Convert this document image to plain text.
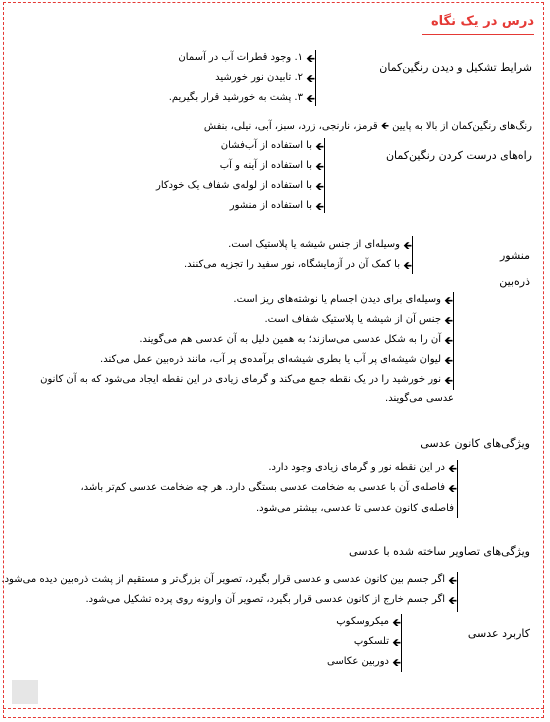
درس در یک نگاه
شرایط تشکیل و دیدن رنگین‌کمان
🡸
۱. وجود قطرات آب در آسمان
🡸
۲. تابیدن نور خورشید
🡸
۳. پشت به خورشید قرار بگیریم.
رنگ‌های رنگین‌کمان از بالا به پایین 🡸 قرمز، نارنجی، زرد، سبز، آبی، نیلی، بنفش
راه‌های درست کردن رنگین‌کمان
🡸
با استفاده از آب‌فشان
🡸
با استفاده از آینه و آب
🡸
با استفاده از لوله‌ی شفاف یک خودکار
🡸
با استفاده از منشور
منشور
🡸
وسیله‌ای از جنس شیشه یا پلاستیک است.
🡸
با کمک آن در آزمایشگاه، نور سفید را تجزیه می‌کنند.
ذره‌بین
🡸
وسیله‌ای برای دیدن اجسام یا نوشته‌های ریز است.
🡸
جنس آن از شیشه یا پلاستیک شفاف است.
🡸
آن را به شکل عدسی می‌سازند؛ به همین دلیل به آن عدسی هم می‌گویند.
🡸
لیوان شیشه‌ای پر آب یا بطری شیشه‌ای برآمده‌ی پر آب، مانند ذره‌بین عمل می‌کند.
🡸
نور خورشید را در یک نقطه جمع می‌کند و گرمای زیادی در این نقطه ایجاد می‌شود که به آن کانون
عدسی می‌گویند.
ویژگی‌های کانون عدسی
🡸
در این نقطه نور و گرمای زیادی وجود دارد.
🡸
فاصله‌ی آن با عدسی به ضخامت عدسی بستگی دارد. هر چه ضخامت عدسی کم‌تر باشد،
فاصله‌ی کانون عدسی تا عدسی، بیشتر می‌شود.
ویژگی‌های تصاویر ساخته شده با عدسی
🡸
اگر جسم بین کانون عدسی و عدسی قرار بگیرد، تصویر آن بزرگ‌تر و مستقیم از پشت ذره‌بین دیده می‌شود.
🡸
اگر جسم خارج از کانون عدسی قرار بگیرد، تصویر آن وارونه روی پرده تشکیل می‌شود.
کاربرد عدسی
🡸
میکروسکوپ
🡸
تلسکوپ
🡸
دوربین عکاسی
